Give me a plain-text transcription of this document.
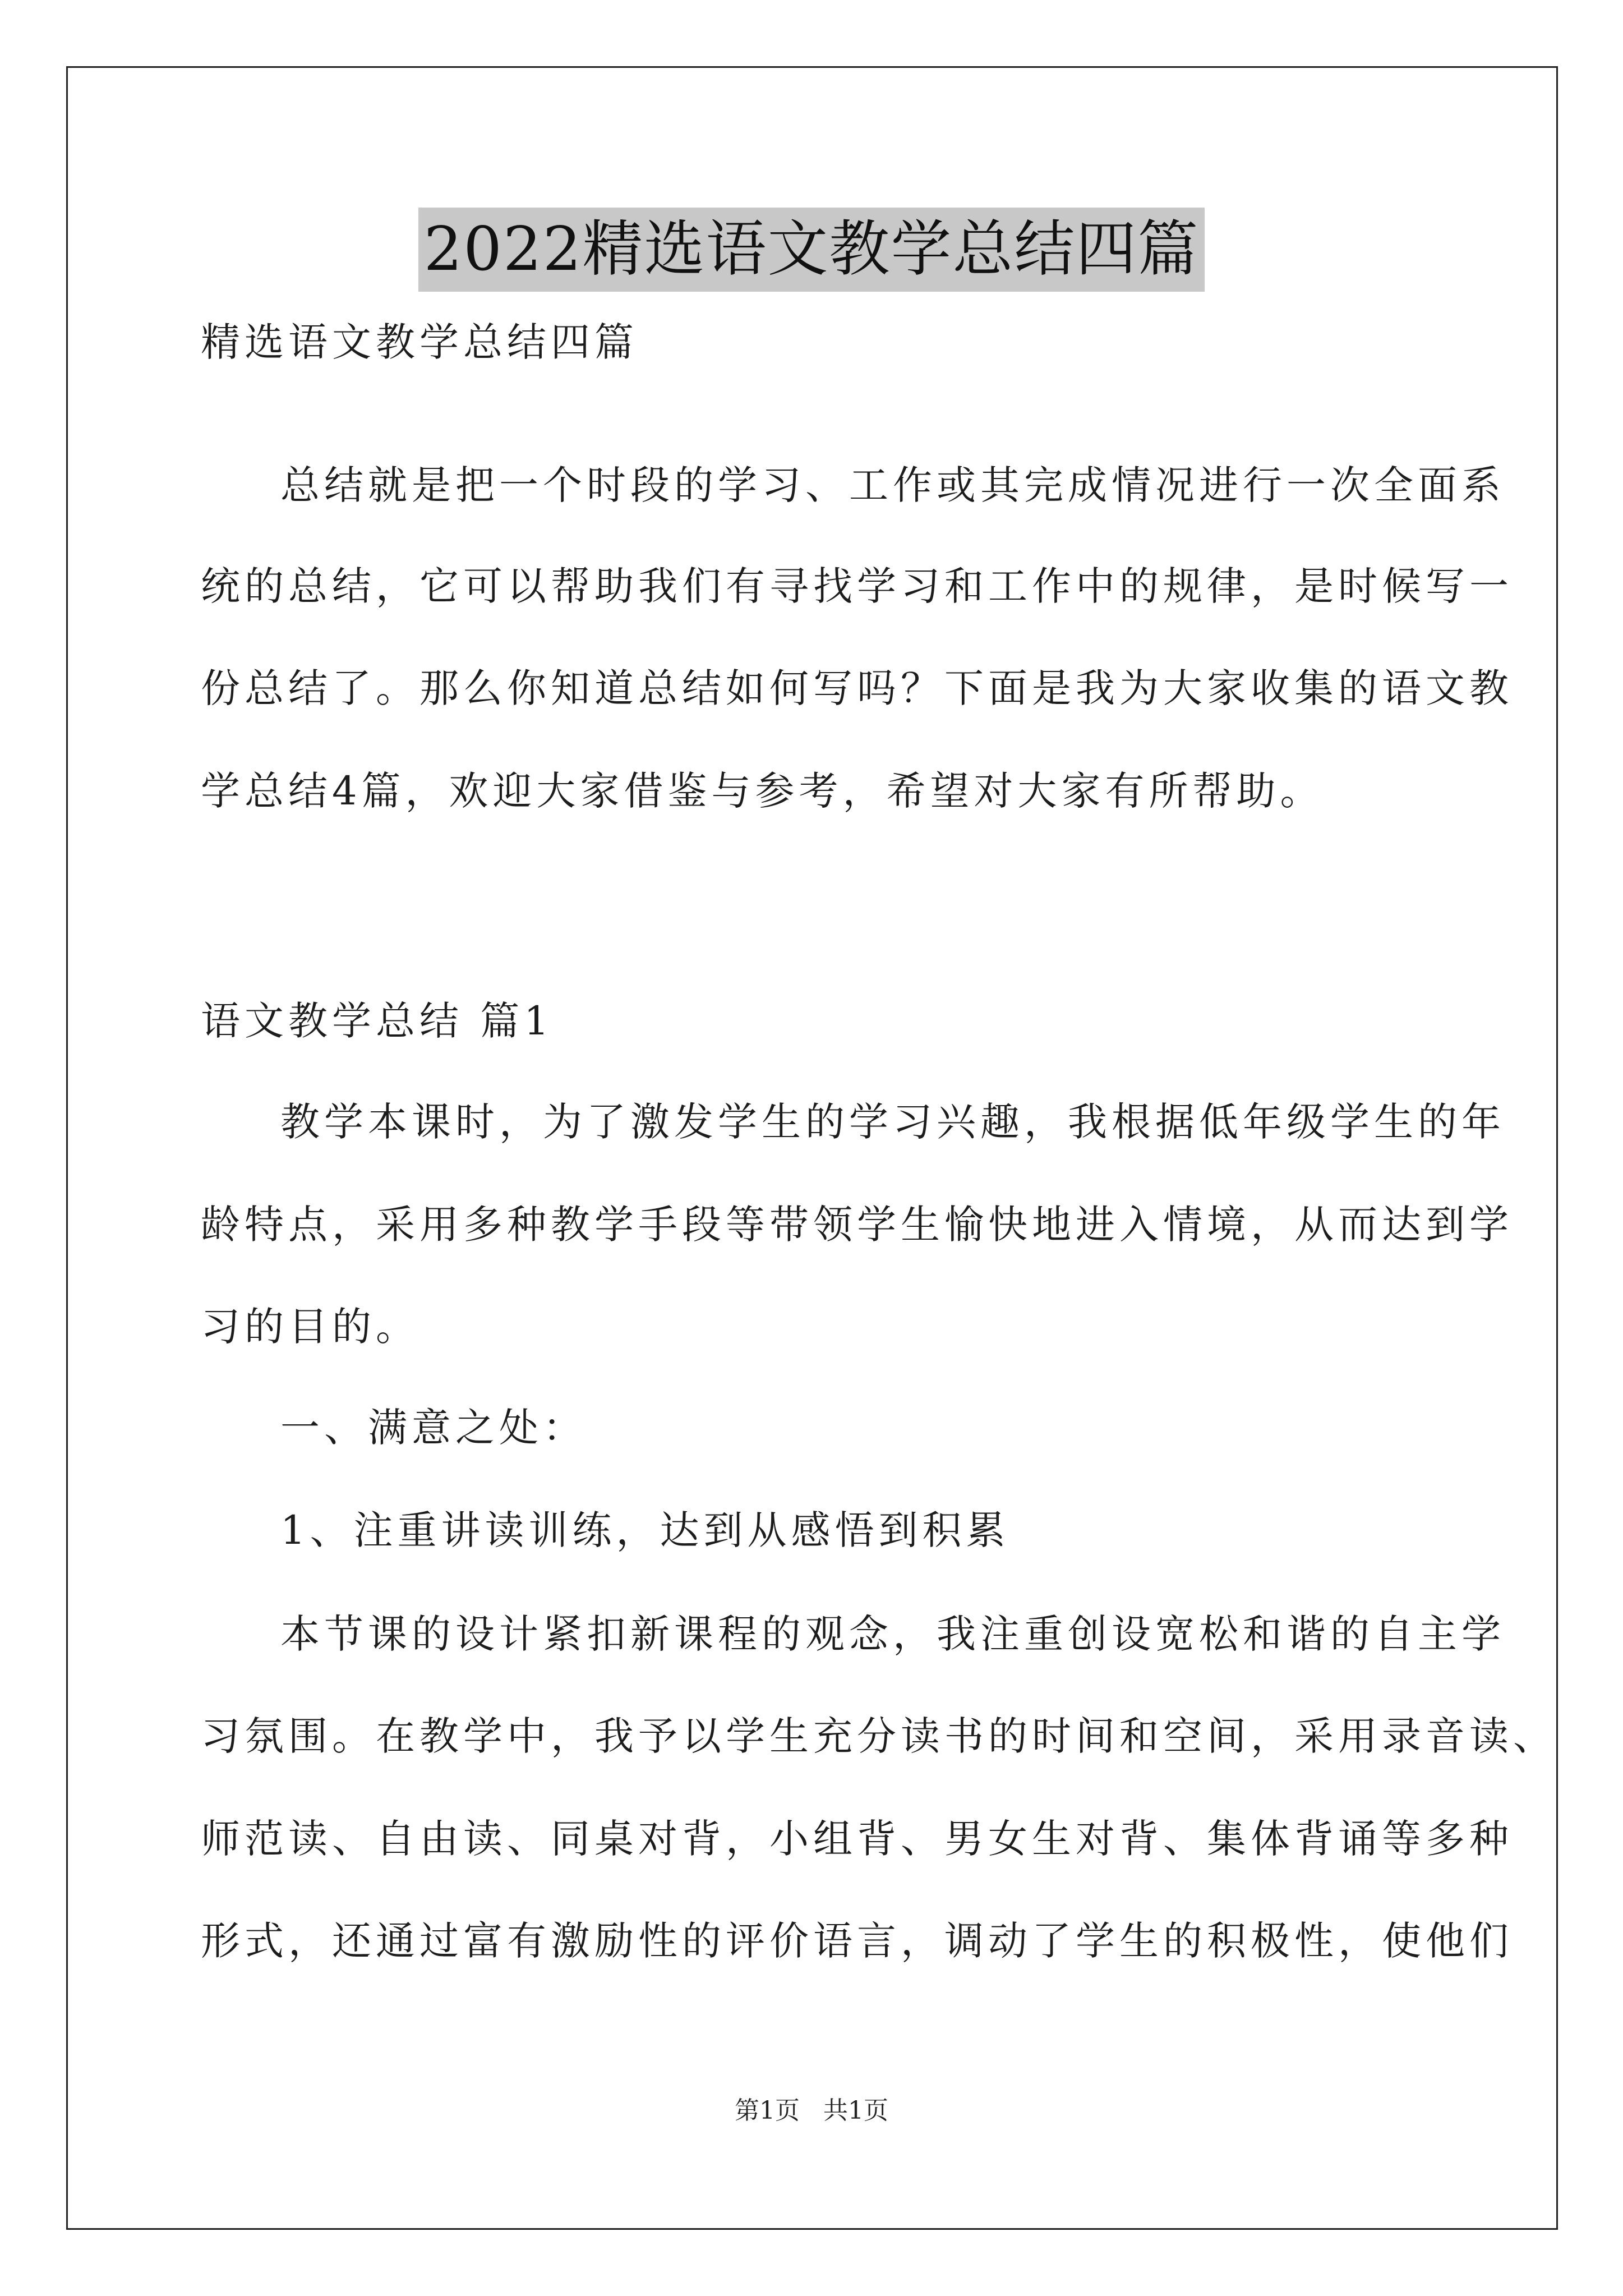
2022精选语文教学总结四篇
精选语文教学总结四篇
总结就是把一个时段的学习、工作或其完成情况进行一次全面系
统的总结，它可以帮助我们有寻找学习和工作中的规律，是时候写一
份总结了。那么你知道总结如何写吗？下面是我为大家收集的语文教
学总结4篇，欢迎大家借鉴与参考，希望对大家有所帮助。
语文教学总结 篇1
教学本课时，为了激发学生的学习兴趣，我根据低年级学生的年
龄特点，采用多种教学手段等带领学生愉快地进入情境，从而达到学
习的目的。
一、满意之处：
1、注重讲读训练，达到从感悟到积累
本节课的设计紧扣新课程的观念，我注重创设宽松和谐的自主学
习氛围。在教学中，我予以学生充分读书的时间和空间，采用录音读、
师范读、自由读、同桌对背，小组背、男女生对背、集体背诵等多种
形式，还通过富有激励性的评价语言，调动了学生的积极性，使他们
第1页   共1页
